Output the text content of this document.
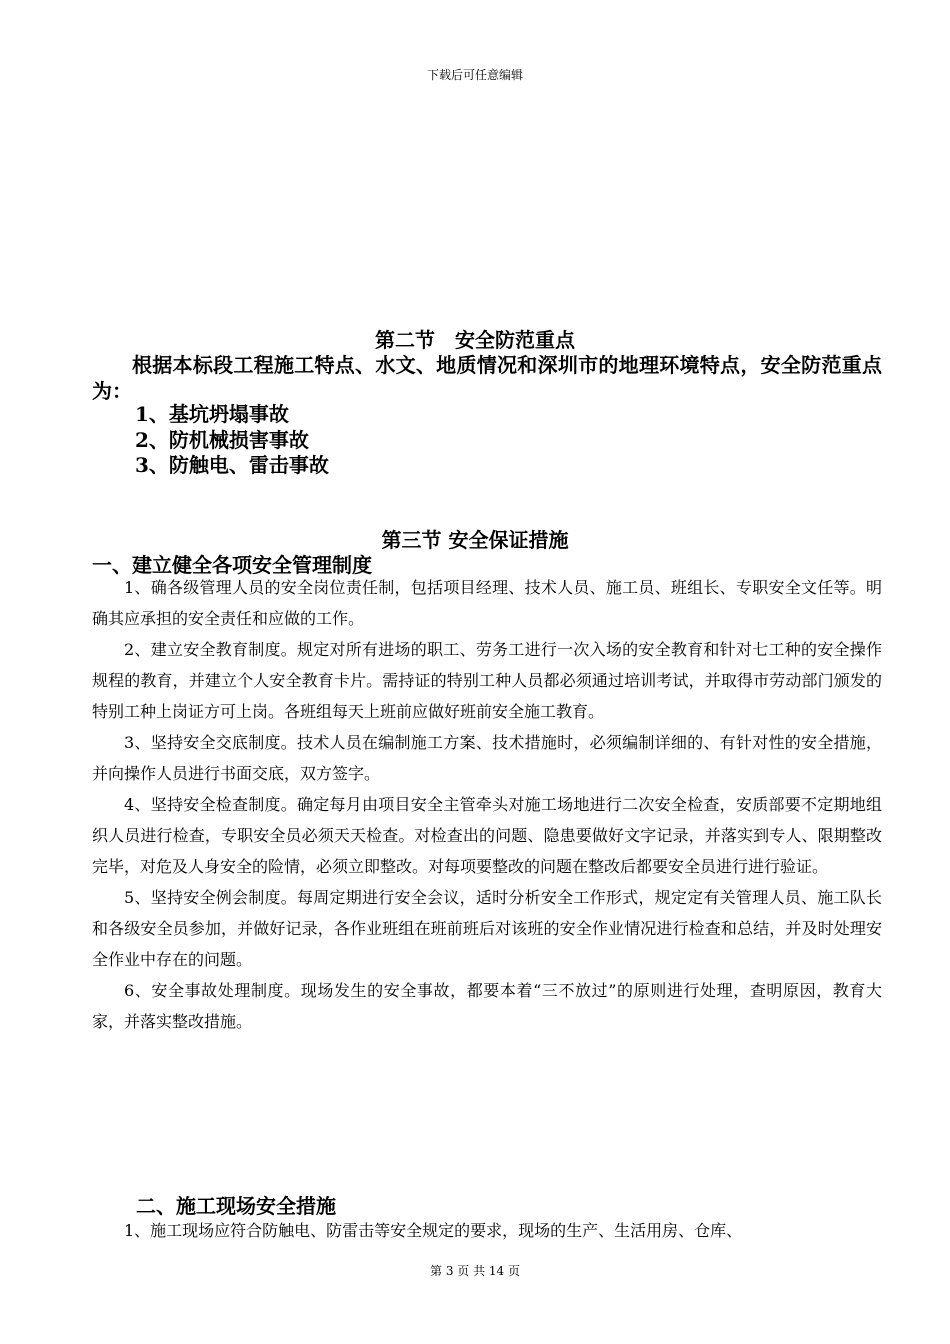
下载后可任意编辑
第二节　安全防范重点
根据本标段工程施工特点、水文、地质情况和深圳市的地理环境特点，安全防范重点为：
1、基坑坍塌事故
2、防机械损害事故
3、防触电、雷击事故
第三节 安全保证措施
一、建立健全各项安全管理制度

1、确各级管理人员的安全岗位责任制，包括项目经理、技术人员、施工员、班组长、专职安全文任等。明确其应承担的安全责任和应做的工作。

2、建立安全教育制度。规定对所有进场的职工、劳务工进行一次入场的安全教育和针对七工种的安全操作规程的教育，并建立个人安全教育卡片。需持证的特别工种人员都必须通过培训考试，并取得市劳动部门颁发的特别工种上岗证方可上岗。各班组每天上班前应做好班前安全施工教育。

3、坚持安全交底制度。技术人员在编制施工方案、技术措施时，必须编制详细的、有针对性的安全措施，并向操作人员进行书面交底，双方签字。

4、坚持安全检查制度。确定每月由项目安全主管牵头对施工场地进行二次安全检查，安质部要不定期地组织人员进行检查，专职安全员必须天天检查。对检查出的问题、隐患要做好文字记录，并落实到专人、限期整改完毕，对危及人身安全的险情，必须立即整改。对每项要整改的问题在整改后都要安全员进行进行验证。

5、坚持安全例会制度。每周定期进行安全会议，适时分析安全工作形式，规定定有关管理人员、施工队长和各级安全员参加，并做好记录，各作业班组在班前班后对该班的安全作业情况进行检查和总结，并及时处理安全作业中存在的问题。

6、安全事故处理制度。现场发生的安全事故，都要本着“三不放过”的原则进行处理，查明原因，教育大家，并落实整改措施。

二、施工现场安全措施

1、施工现场应符合防触电、防雷击等安全规定的要求，现场的生产、生活用房、仓库、

第 3 页 共 14 页
